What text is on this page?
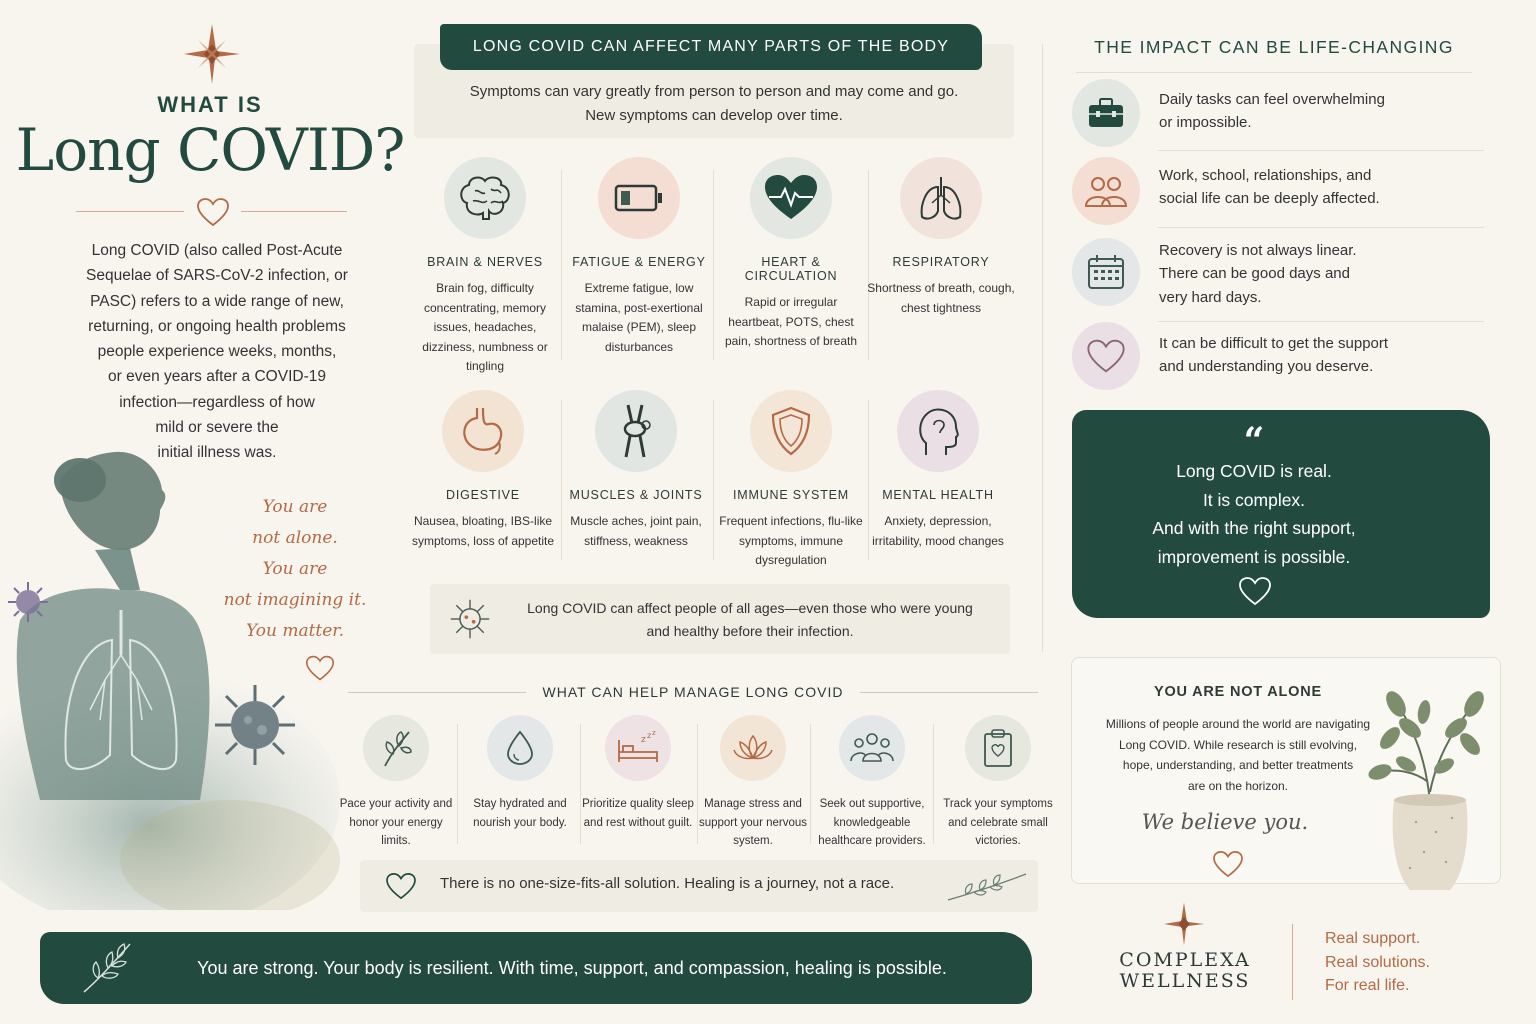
WHAT IS
Long COVID?
Long COVID (also called Post-Acute
Sequelae of SARS-CoV-2 infection, or
PASC) refers to a wide range of new,
returning, or ongoing health problems
people experience weeks, months,
or even years after a COVID-19
infection—regardless of how
mild or severe the
initial illness was.
You are
not alone.
You are
not imagining it.
You matter.
LONG COVID CAN AFFECT MANY PARTS OF THE BODY
Symptoms can vary greatly from person to person and may come and go.
New symptoms can develop over time.
BRAIN & NERVES
Brain fog, difficulty concentrating, memory issues, headaches, dizziness, numbness or tingling
FATIGUE & ENERGY
Extreme fatigue, low stamina, post-exertional malaise (PEM), sleep disturbances
HEART & CIRCULATION
Rapid or irregular heartbeat, POTS, chest pain, shortness of breath
RESPIRATORY
Shortness of breath, cough, chest tightness
DIGESTIVE
Nausea, bloating, IBS-like symptoms, loss of appetite
MUSCLES & JOINTS
Muscle aches, joint pain, stiffness, weakness
IMMUNE SYSTEM
Frequent infections, flu-like symptoms, immune dysregulation
MENTAL HEALTH
Anxiety, depression, irritability, mood changes
Long COVID can affect people of all ages—even those who were young
and healthy before their infection.
WHAT CAN HELP MANAGE LONG COVID
Pace your activity and honor your energy limits.
Stay hydrated and nourish your body.
z z z
Prioritize quality sleep and rest without guilt.
Manage stress and support your nervous system.
Seek out supportive, knowledgeable healthcare providers.
Track your symptoms and celebrate small victories.
There is no one-size-fits-all solution. Healing is a journey, not a race.
You are strong. Your body is resilient. With time, support, and compassion, healing is possible.
THE IMPACT CAN BE LIFE-CHANGING
Daily tasks can feel overwhelming
or impossible.
Work, school, relationships, and
social life can be deeply affected.
Recovery is not always linear.
There can be good days and
very hard days.
It can be difficult to get the support
and understanding you deserve.
“
Long COVID is real.
It is complex.
And with the right support,
improvement is possible.
YOU ARE NOT ALONE
Millions of people around the world are navigating
Long COVID. While research is still evolving,
hope, understanding, and better treatments
are on the horizon.
We believe you.
COMPLEXA
WELLNESS
Real support.
Real solutions.
For real life.
